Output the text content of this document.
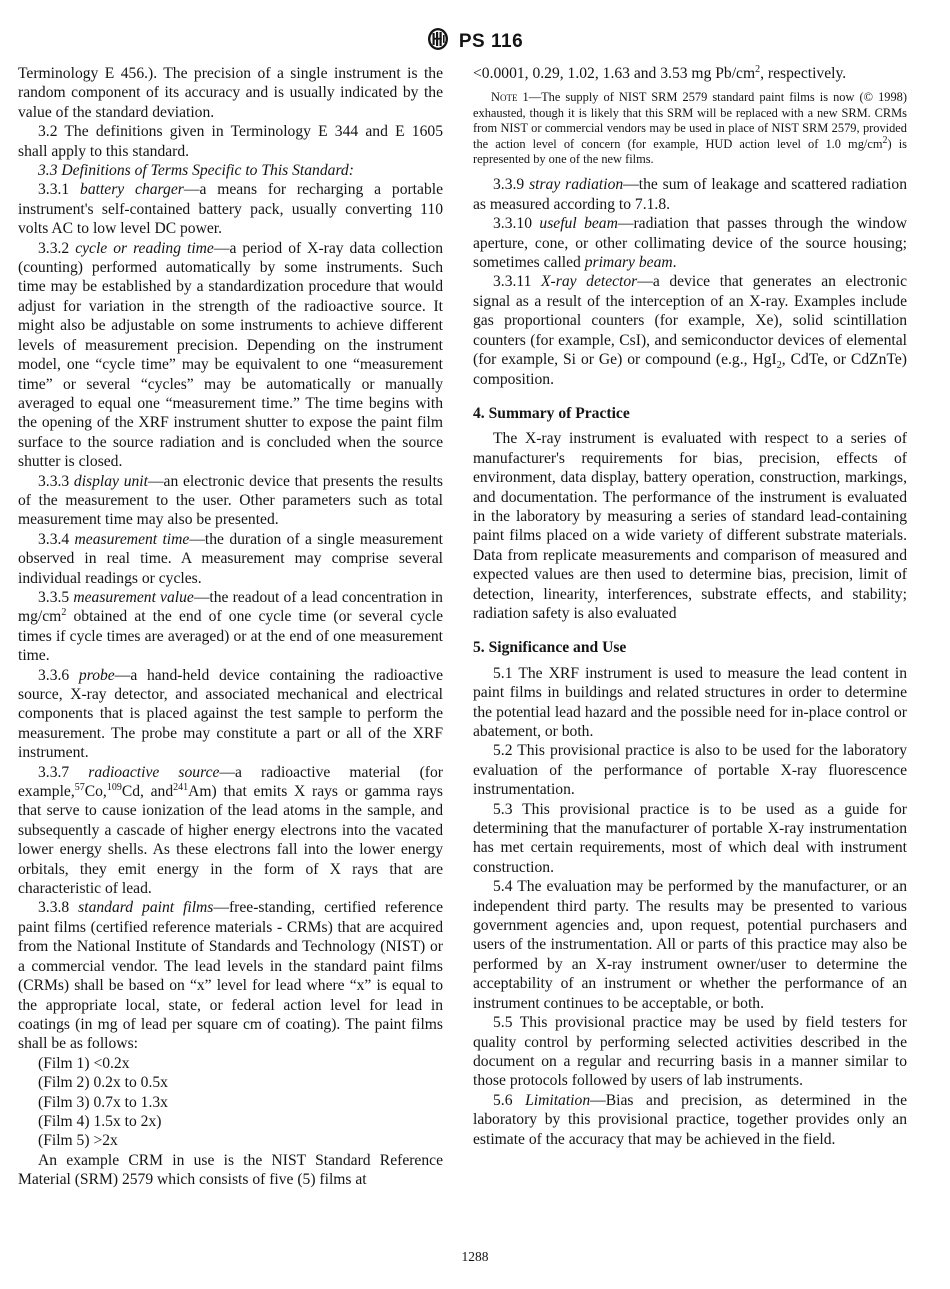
PS 116

Terminology E 456.). The precision of a single instrument is the random component of its accuracy and is usually indicated by the value of the standard deviation.

3.2 The definitions given in Terminology E 344 and E 1605 shall apply to this standard.

3.3 Definitions of Terms Specific to This Standard:

3.3.1 battery charger—a means for recharging a portable instrument's self-contained battery pack, usually converting 110 volts AC to low level DC power.

3.3.2 cycle or reading time—a period of X-ray data collection (counting) performed automatically by some instruments. Such time may be established by a standardization procedure that would adjust for variation in the strength of the radioactive source. It might also be adjustable on some instruments to achieve different levels of measurement precision. Depending on the instrument model, one “cycle time” may be equivalent to one “measurement time” or several “cycles” may be automatically or manually averaged to equal one “measurement time.” The time begins with the opening of the XRF instrument shutter to expose the paint film surface to the source radiation and is concluded when the source shutter is closed.

3.3.3 display unit—an electronic device that presents the results of the measurement to the user. Other parameters such as total measurement time may also be presented.

3.3.4 measurement time—the duration of a single measurement observed in real time. A measurement may comprise several individual readings or cycles.

3.3.5 measurement value—the readout of a lead concentration in $mg/cm^2$ obtained at the end of one cycle time (or several cycle times if cycle times are averaged) or at the end of one measurement time.

3.3.6 probe—a hand-held device containing the radioactive source, X-ray detector, and associated mechanical and electrical components that is placed against the test sample to perform the measurement. The probe may constitute a part or all of the XRF instrument.

3.3.7 radioactive source—a radioactive material (for example,$^{57}$Co,$^{109}$Cd, and$^{241}$Am) that emits X rays or gamma rays that serve to cause ionization of the lead atoms in the sample, and subsequently a cascade of higher energy electrons into the vacated lower energy shells. As these electrons fall into the lower energy orbitals, they emit energy in the form of X rays that are characteristic of lead.

3.3.8 standard paint films—free-standing, certified reference paint films (certified reference materials - CRMs) that are acquired from the National Institute of Standards and Technology (NIST) or a commercial vendor. The lead levels in the standard paint films (CRMs) shall be based on “x” level for lead where “x” is equal to the appropriate local, state, or federal action level for lead in coatings (in mg of lead per square cm of coating). The paint films shall be as follows:

(Film 1) <0.2x

(Film 2) 0.2x to 0.5x

(Film 3) 0.7x to 1.3x

(Film 4) 1.5x to 2x)

(Film 5) >2x

An example CRM in use is the NIST Standard Reference Material (SRM) 2579 which consists of five (5) films at

<0.0001, 0.29, 1.02, 1.63 and 3.53 mg $Pb/cm^2$, respectively.

Note 1—The supply of NIST SRM 2579 standard paint films is now (© 1998) exhausted, though it is likely that this SRM will be replaced with a new SRM. CRMs from NIST or commercial vendors may be used in place of NIST SRM 2579, provided the action level of concern (for example, HUD action level of 1.0 $mg/cm^2$) is represented by one of the new films.

3.3.9 stray radiation—the sum of leakage and scattered radiation as measured according to 7.1.8.

3.3.10 useful beam—radiation that passes through the window aperture, cone, or other collimating device of the source housing; sometimes called primary beam.

3.3.11 X-ray detector—a device that generates an electronic signal as a result of the interception of an X-ray. Examples include gas proportional counters (for example, Xe), solid scintillation counters (for example, CsI), and semiconductor devices of elemental (for example, Si or Ge) or compound (e.g., HgI$_2$, CdTe, or CdZnTe) composition.

4. Summary of Practice

The X-ray instrument is evaluated with respect to a series of manufacturer's requirements for bias, precision, effects of environment, data display, battery operation, construction, markings, and documentation. The performance of the instrument is evaluated in the laboratory by measuring a series of standard lead-containing paint films placed on a wide variety of different substrate materials. Data from replicate measurements and comparison of measured and expected values are then used to determine bias, precision, limit of detection, linearity, interferences, substrate effects, and stability; radiation safety is also evaluated

5. Significance and Use

5.1 The XRF instrument is used to measure the lead content in paint films in buildings and related structures in order to determine the potential lead hazard and the possible need for in-place control or abatement, or both.

5.2 This provisional practice is also to be used for the laboratory evaluation of the performance of portable X-ray fluorescence instrumentation.

5.3 This provisional practice is to be used as a guide for determining that the manufacturer of portable X-ray instrumentation has met certain requirements, most of which deal with instrument construction.

5.4 The evaluation may be performed by the manufacturer, or an independent third party. The results may be presented to various government agencies and, upon request, potential purchasers and users of the instrumentation. All or parts of this practice may also be performed by an X-ray instrument owner/user to determine the acceptability of an instrument or whether the performance of an instrument continues to be acceptable, or both.

5.5 This provisional practice may be used by field testers for quality control by performing selected activities described in the document on a regular and recurring basis in a manner similar to those protocols followed by users of lab instruments.

5.6 Limitation—Bias and precision, as determined in the laboratory by this provisional practice, together provides only an estimate of the accuracy that may be achieved in the field.

1288
